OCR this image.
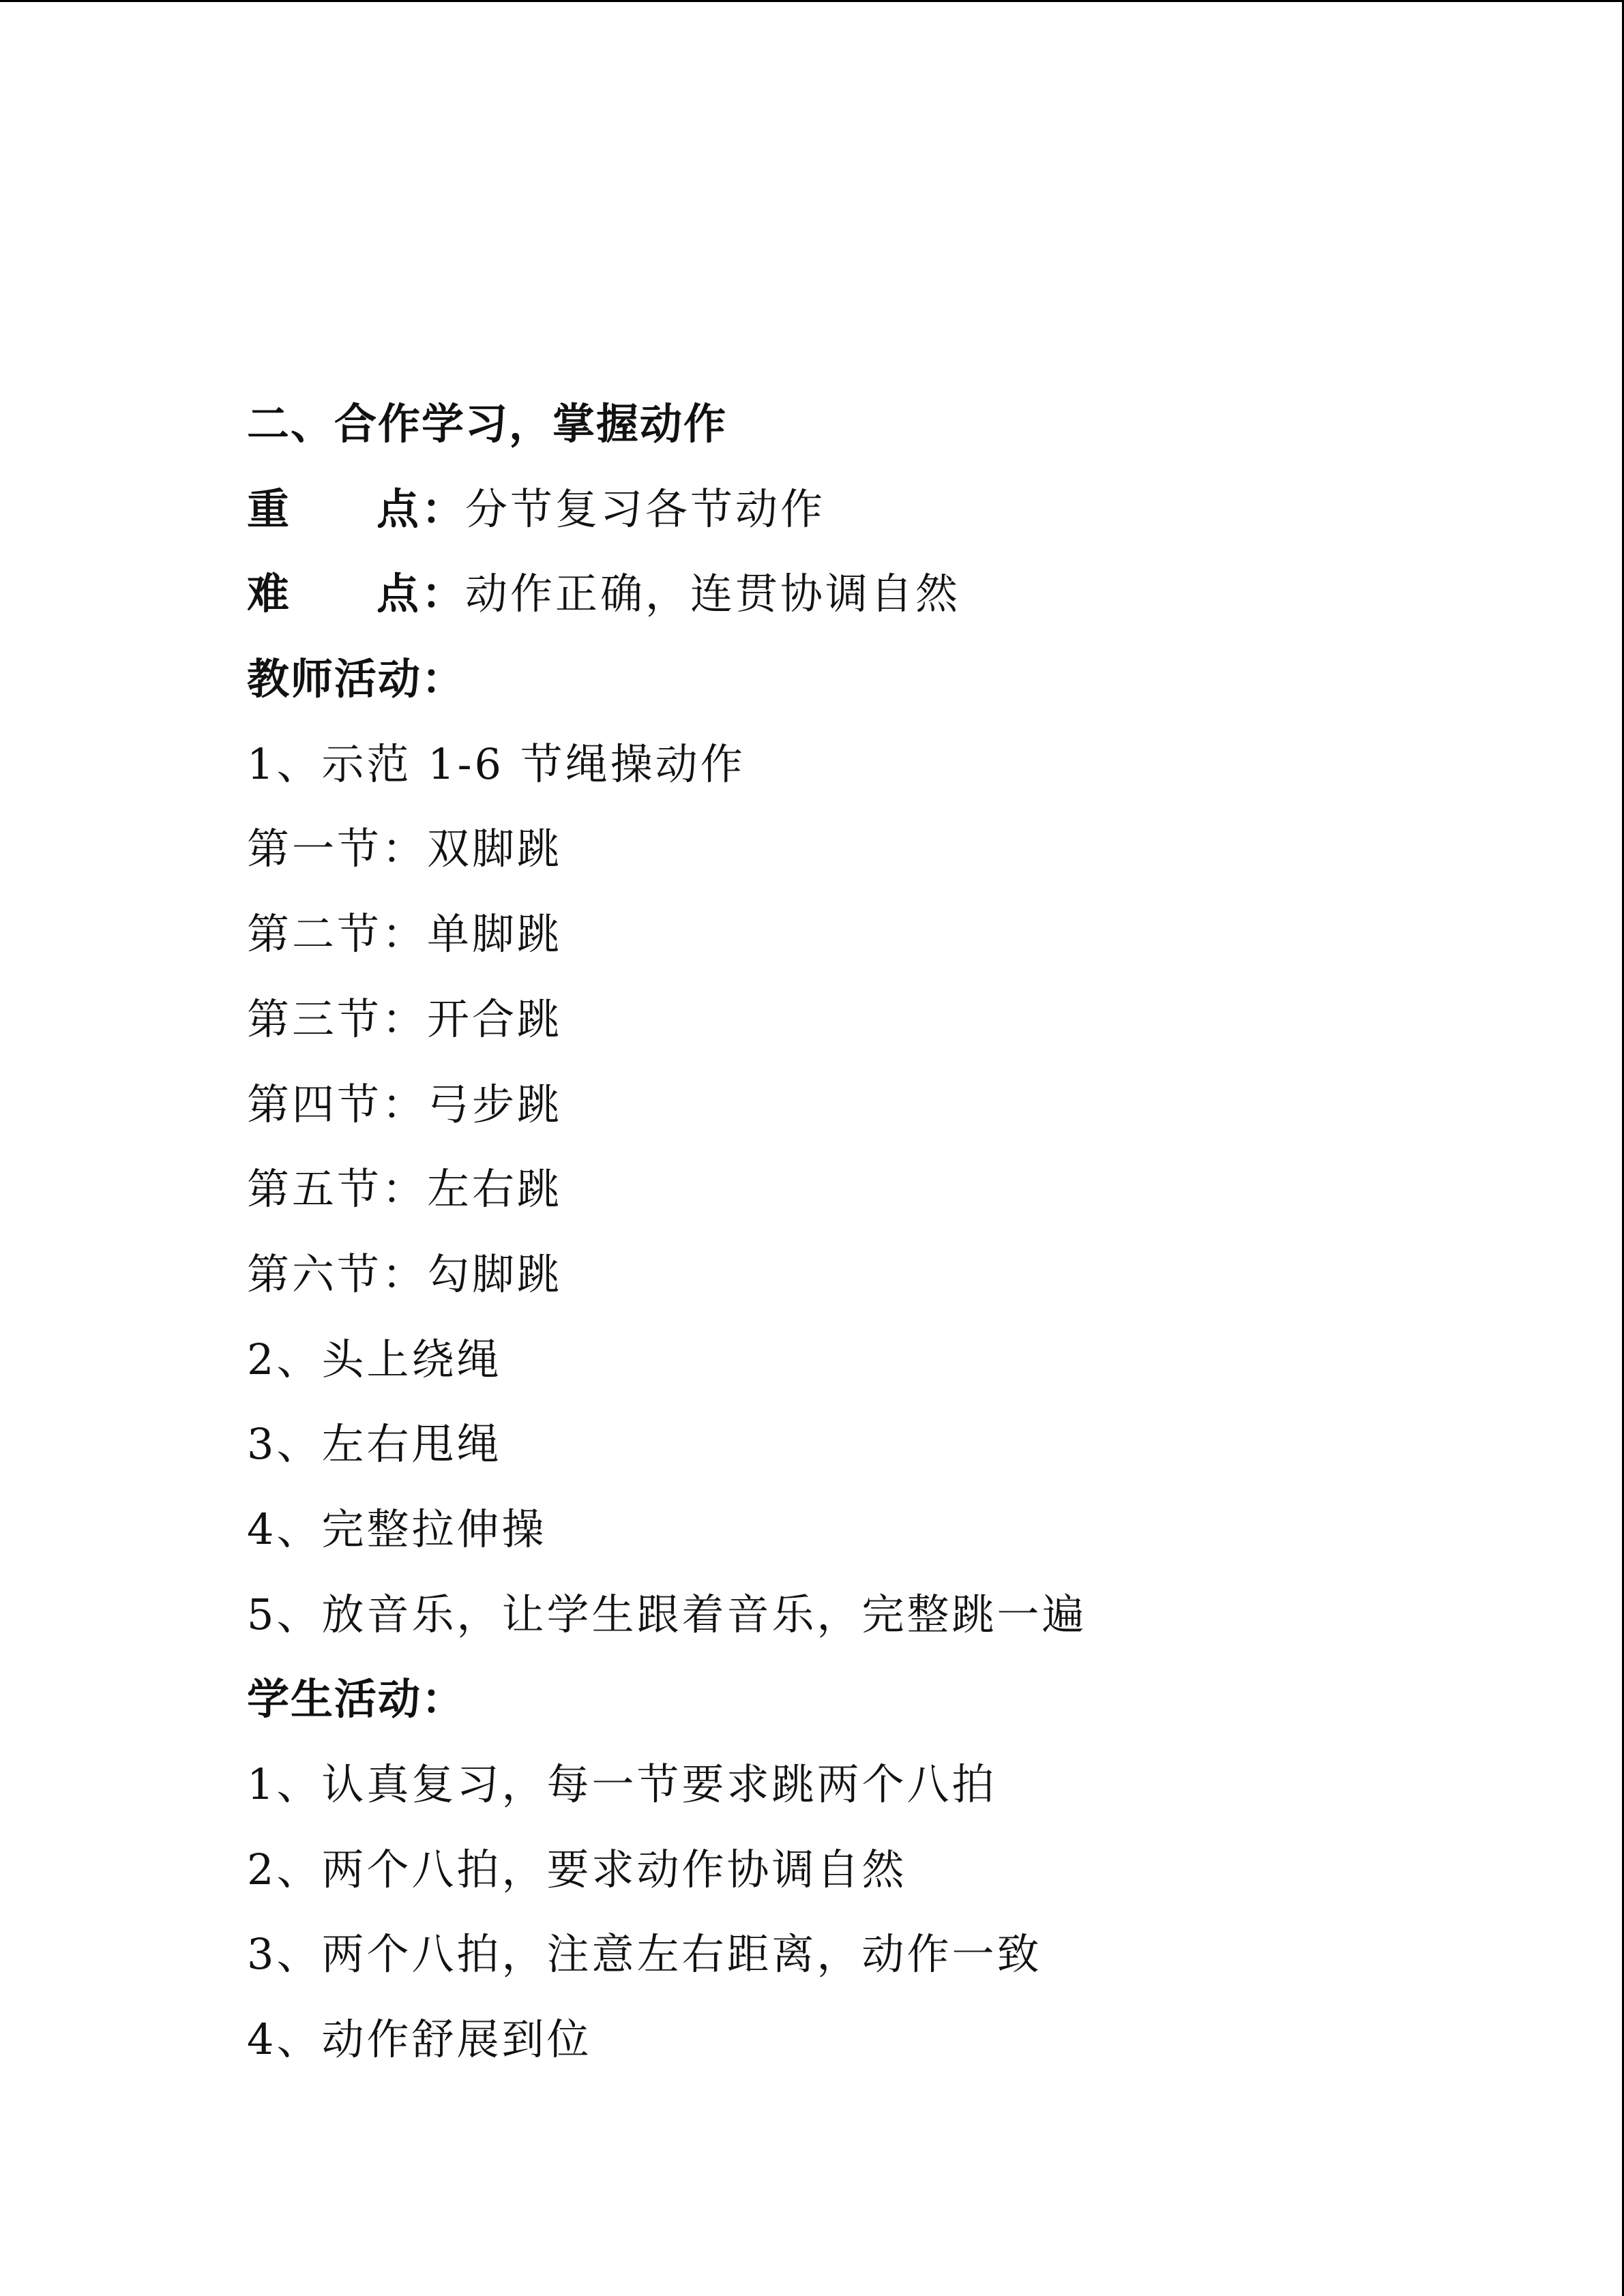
二、合作学习，掌握动作
重 点：分节复习各节动作
难 点：动作正确，连贯协调自然
教师活动：
1、示范 1-6 节绳操动作
第一节：双脚跳
第二节：单脚跳
第三节：开合跳
第四节：弓步跳
第五节：左右跳
第六节：勾脚跳
2、头上绕绳
3、左右甩绳
4、完整拉伸操
5、放音乐，让学生跟着音乐，完整跳一遍
学生活动：
1、认真复习，每一节要求跳两个八拍
2、两个八拍，要求动作协调自然
3、两个八拍，注意左右距离，动作一致
4、动作舒展到位
